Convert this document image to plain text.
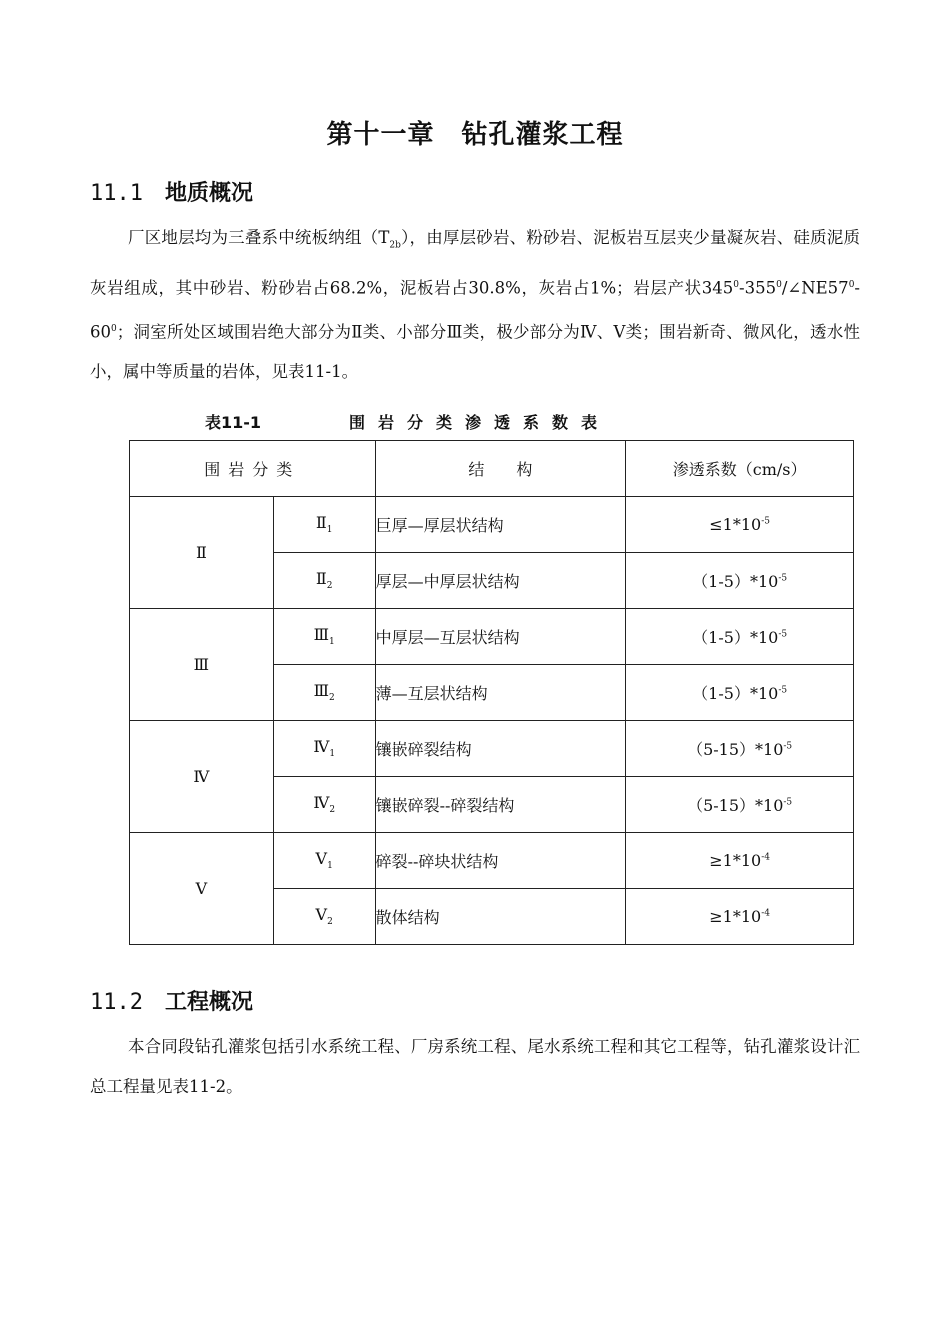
第十一章　钻孔灌浆工程
11.1 地质概况

厂区地层均为三叠系中统板纳组$(T_{2b})$，由厚层砂岩、粉砂岩、泥板岩互层夹少量凝灰岩、硅质泥质灰岩组成，其中砂岩、粉砂岩占68.2%，泥板岩占30.8%，灰岩占1%；岩层产状$345^0-355^0/\angle NE57^0-60^0$；洞室所处区域围岩绝大部分为Ⅱ类、小部分Ⅲ类，极少部分为Ⅳ、Ⅴ类；围岩新奇、微风化，透水性小，属中等质量的岩体，见表11-1。

表11-1	围岩分类渗透系数表
围岩分类		结　　构	渗透系数（cm/s）
Ⅱ	$Ⅱ_1$	巨厚—厚层状结构	$\le 1*10^{-5}$
	$Ⅱ_2$	厚层—中厚层状结构	$(1-5)*10^{-5}$
Ⅲ	$Ⅲ_1$	中厚层—互层状结构	$(1-5)*10^{-5}$
	$Ⅲ_2$	薄—互层状结构	$(1-5)*10^{-5}$
Ⅳ	$Ⅳ_1$	镶嵌碎裂结构	$(5-15)*10^{-5}$
	$Ⅳ_2$	镶嵌碎裂--碎裂结构	$(5-15)*10^{-5}$
Ⅴ	$Ⅴ_1$	碎裂--碎块状结构	$\ge 1*10^{-4}$
	$Ⅴ_2$	散体结构	$\ge 1*10^{-4}$
11.2 工程概况

本合同段钻孔灌浆包括引水系统工程、厂房系统工程、尾水系统工程和其它工程等，钻孔灌浆设计汇总工程量见表11-2。
